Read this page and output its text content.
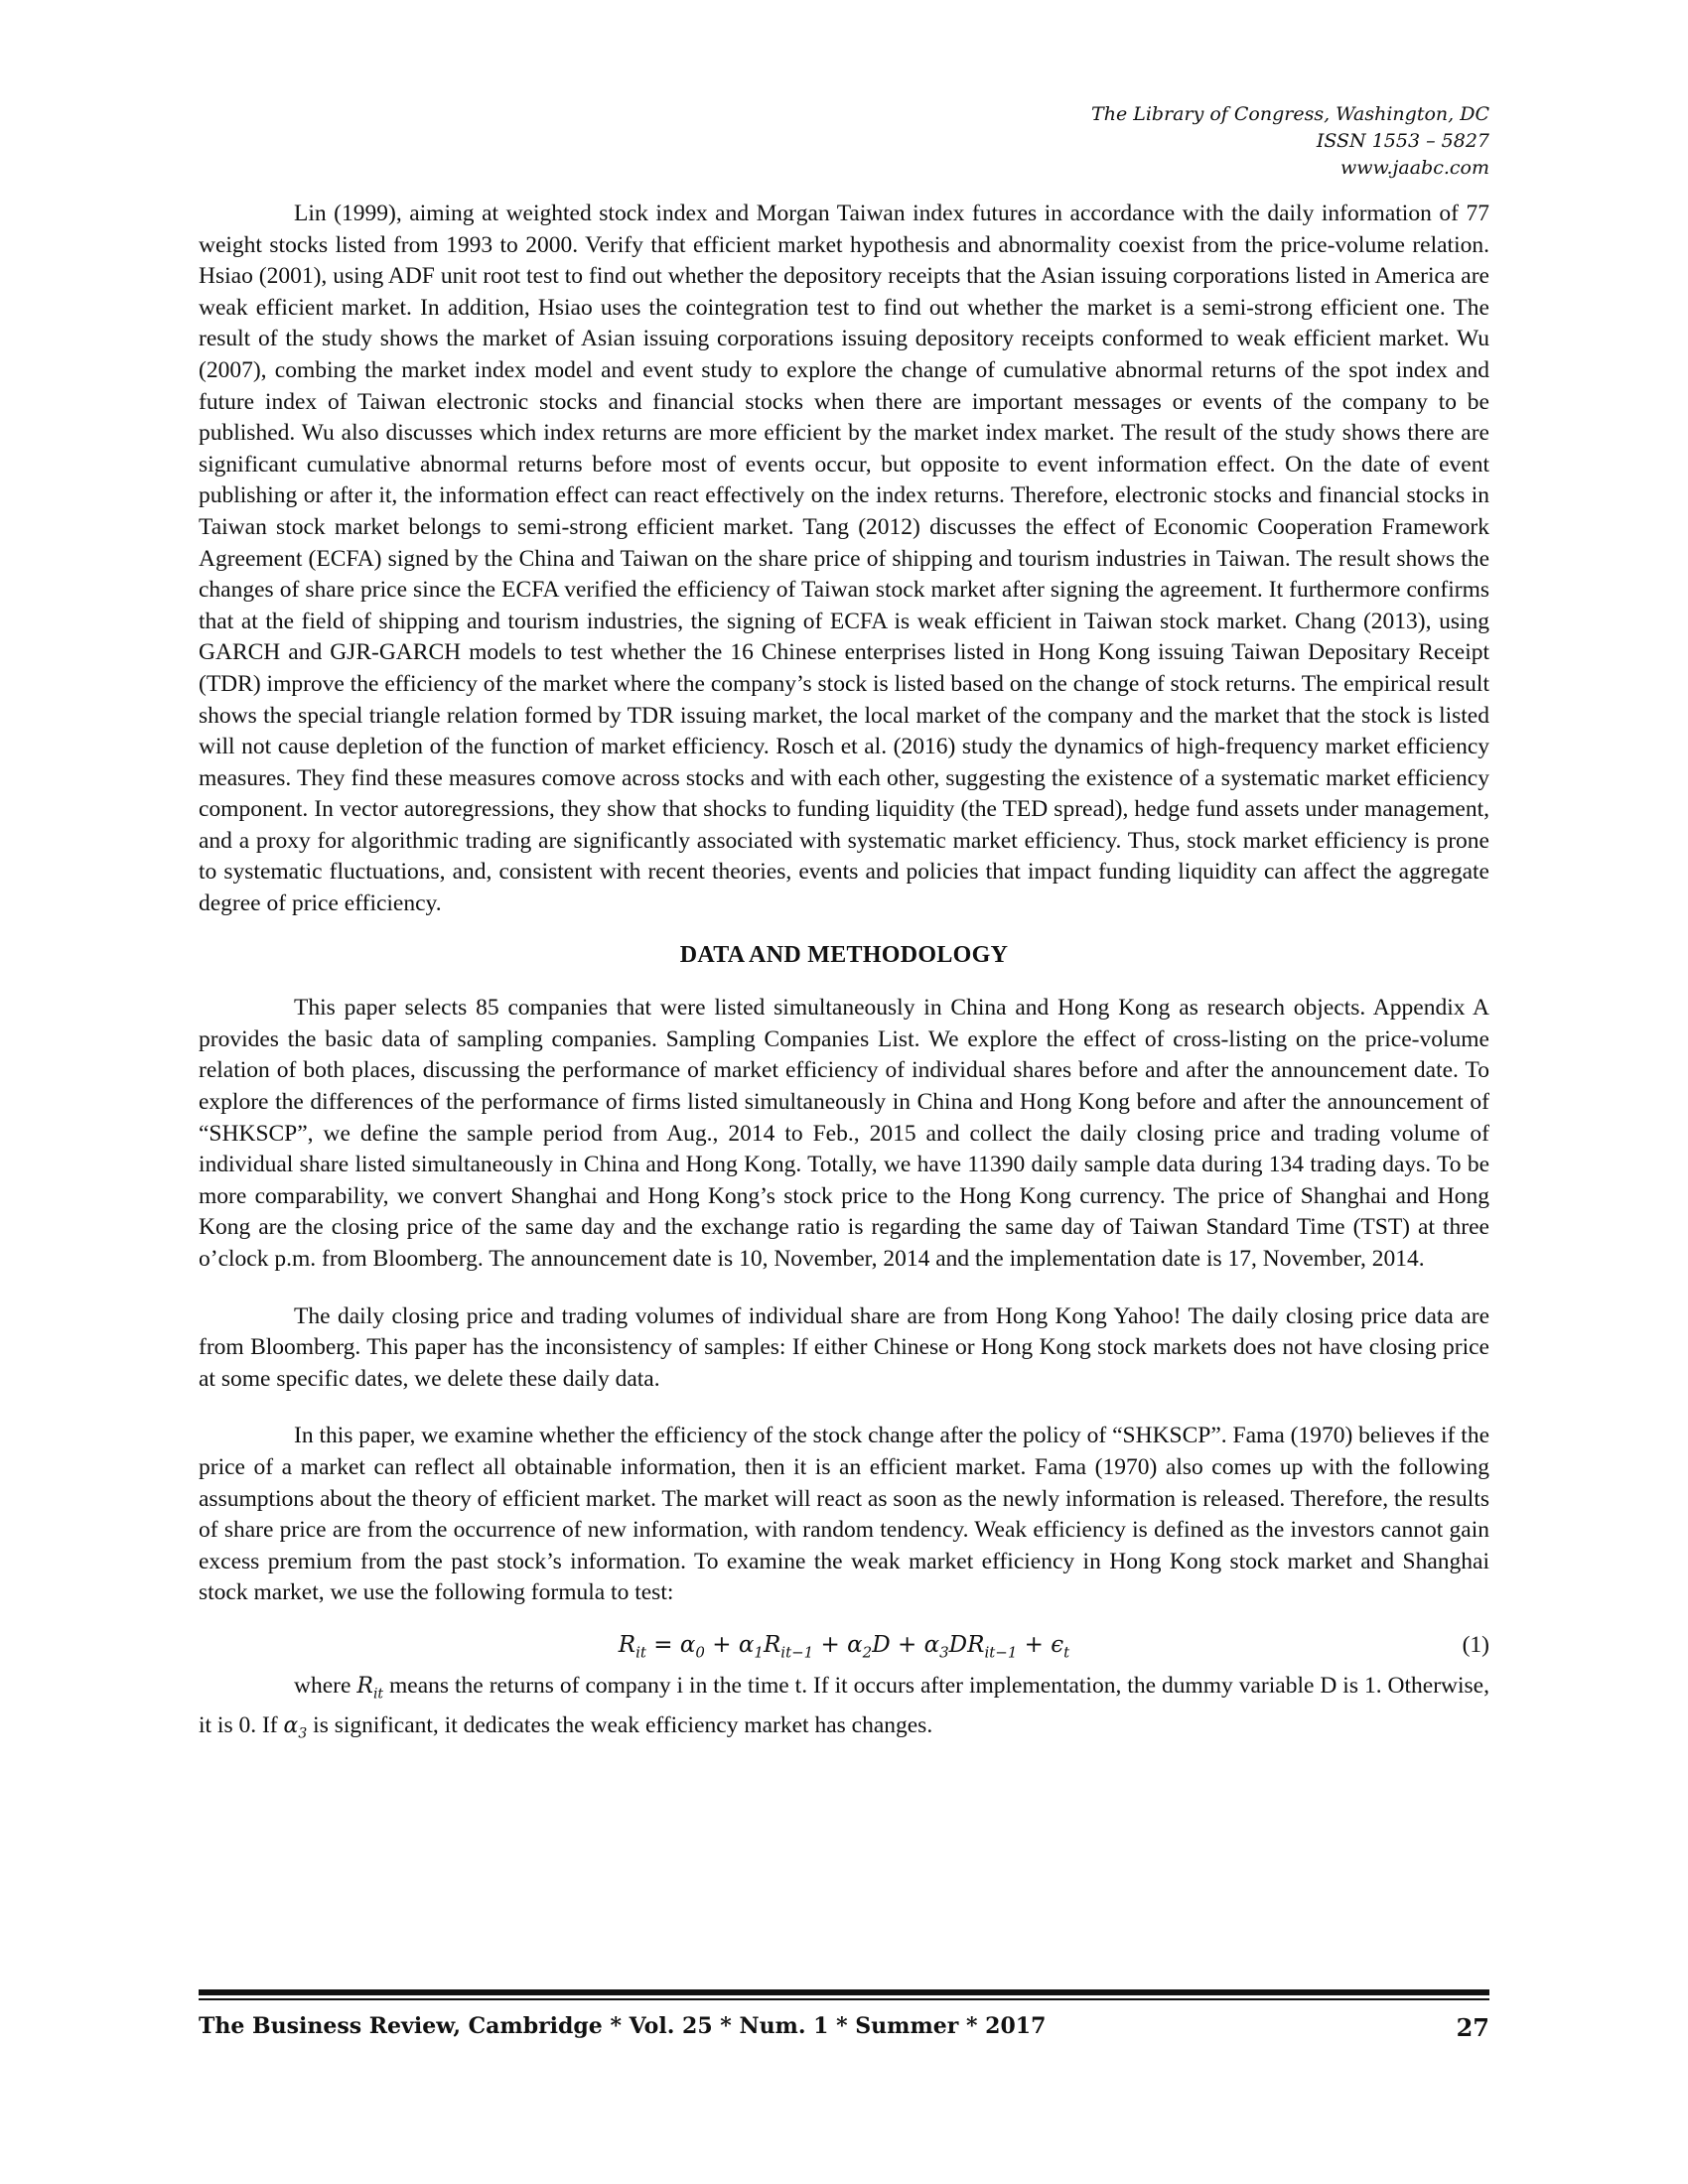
The Library of Congress, Washington, DC
ISSN 1553 – 5827
www.jaabc.com

Lin (1999), aiming at weighted stock index and Morgan Taiwan index futures in accordance with the daily information of 77 weight stocks listed from 1993 to 2000. Verify that efficient market hypothesis and abnormality coexist from the price-volume relation. Hsiao (2001), using ADF unit root test to find out whether the depository receipts that the Asian issuing corporations listed in America are weak efficient market. In addition, Hsiao uses the cointegration test to find out whether the market is a semi-strong efficient one. The result of the study shows the market of Asian issuing corporations issuing depository receipts conformed to weak efficient market. Wu (2007), combing the market index model and event study to explore the change of cumulative abnormal returns of the spot index and future index of Taiwan electronic stocks and financial stocks when there are important messages or events of the company to be published. Wu also discusses which index returns are more efficient by the market index market. The result of the study shows there are significant cumulative abnormal returns before most of events occur, but opposite to event information effect. On the date of event publishing or after it, the information effect can react effectively on the index returns. Therefore, electronic stocks and financial stocks in Taiwan stock market belongs to semi-strong efficient market. Tang (2012) discusses the effect of Economic Cooperation Framework Agreement (ECFA) signed by the China and Taiwan on the share price of shipping and tourism industries in Taiwan. The result shows the changes of share price since the ECFA verified the efficiency of Taiwan stock market after signing the agreement. It furthermore confirms that at the field of shipping and tourism industries, the signing of ECFA is weak efficient in Taiwan stock market. Chang (2013), using GARCH and GJR-GARCH models to test whether the 16 Chinese enterprises listed in Hong Kong issuing Taiwan Depositary Receipt (TDR) improve the efficiency of the market where the company’s stock is listed based on the change of stock returns. The empirical result shows the special triangle relation formed by TDR issuing market, the local market of the company and the market that the stock is listed will not cause depletion of the function of market efficiency. Rosch et al. (2016) study the dynamics of high-frequency market efficiency measures. They find these measures comove across stocks and with each other, suggesting the existence of a systematic market efficiency component. In vector autoregressions, they show that shocks to funding liquidity (the TED spread), hedge fund assets under management, and a proxy for algorithmic trading are significantly associated with systematic market efficiency. Thus, stock market efficiency is prone to systematic fluctuations, and, consistent with recent theories, events and policies that impact funding liquidity can affect the aggregate degree of price efficiency.

DATA AND METHODOLOGY

This paper selects 85 companies that were listed simultaneously in China and Hong Kong as research objects. Appendix A provides the basic data of sampling companies. Sampling Companies List. We explore the effect of cross-listing on the price-volume relation of both places, discussing the performance of market efficiency of individual shares before and after the announcement date. To explore the differences of the performance of firms listed simultaneously in China and Hong Kong before and after the announcement of “SHKSCP”, we define the sample period from Aug., 2014 to Feb., 2015 and collect the daily closing price and trading volume of individual share listed simultaneously in China and Hong Kong. Totally, we have 11390 daily sample data during 134 trading days. To be more comparability, we convert Shanghai and Hong Kong’s stock price to the Hong Kong currency. The price of Shanghai and Hong Kong are the closing price of the same day and the exchange ratio is regarding the same day of Taiwan Standard Time (TST) at three o’clock p.m. from Bloomberg. The announcement date is 10, November, 2014 and the implementation date is 17, November, 2014.

The daily closing price and trading volumes of individual share are from Hong Kong Yahoo! The daily closing price data are from Bloomberg. This paper has the inconsistency of samples: If either Chinese or Hong Kong stock markets does not have closing price at some specific dates, we delete these daily data.

In this paper, we examine whether the efficiency of the stock change after the policy of “SHKSCP”. Fama (1970) believes if the price of a market can reflect all obtainable information, then it is an efficient market. Fama (1970) also comes up with the following assumptions about the theory of efficient market. The market will react as soon as the newly information is released. Therefore, the results of share price are from the occurrence of new information, with random tendency. Weak efficiency is defined as the investors cannot gain excess premium from the past stock’s information. To examine the weak market efficiency in Hong Kong stock market and Shanghai stock market, we use the following formula to test:

$R_{it} = \alpha_0 + \alpha_1R_{it-1} + \alpha_2D + \alpha_3DR_{it-1} + \epsilon_t$	(1)

where $R_{it}$ means the returns of company i in the time t. If it occurs after implementation, the dummy variable D is 1. Otherwise, it is 0. If $\alpha_3$ is significant, it dedicates the weak efficiency market has changes.

The Business Review, Cambridge * Vol. 25 * Num. 1 * Summer * 2017	27
